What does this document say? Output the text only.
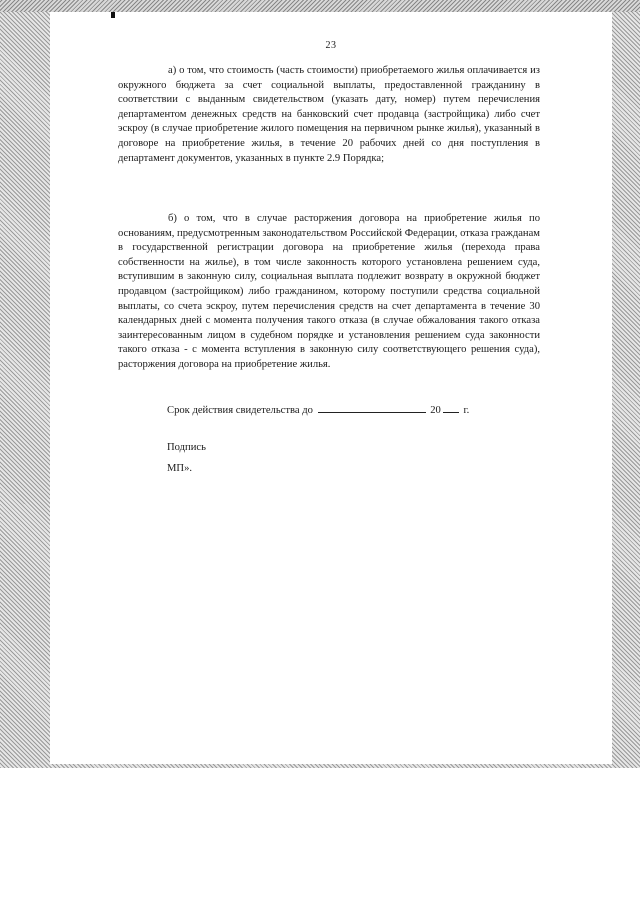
23

а) о том, что стоимость (часть стоимости) приобретаемого жилья оплачивается из окружного бюджета за счет социальной выплаты, предоставленной гражданину в соответствии с выданным свидетельством (указать дату, номер) путем перечисления департаментом денежных средств на банковский счет продавца (застройщика) либо счет эскроу (в случае приобретение жилого помещения на первичном рынке жилья), указанный в договоре на приобретение жилья, в течение 20 рабочих дней со дня поступления в департамент документов, указанных в пункте 2.9 Порядка;

б) о том, что в случае расторжения договора на приобретение жилья по основаниям, предусмотренным законодательством Российской Федерации, отказа гражданам в государственной регистрации договора на приобретение жилья (перехода права собственности на жилье), в том числе законность которого установлена решением суда, вступившим в законную силу, социальная выплата подлежит возврату в окружной бюджет продавцом (застройщиком) либо гражданином, которому поступили средства социальной выплаты, со счета эскроу, путем перечисления средств на счет департамента в течение 30 календарных дней с момента получения такого отказа (в случае обжалования такого отказа заинтересованным лицом в судебном порядке и установления решением суда законности такого отказа - с момента вступления в законную силу соответствующего решения суда), расторжения договора на приобретение жилья.

Срок действия свидетельства до	20 г.
Подпись
МП».
